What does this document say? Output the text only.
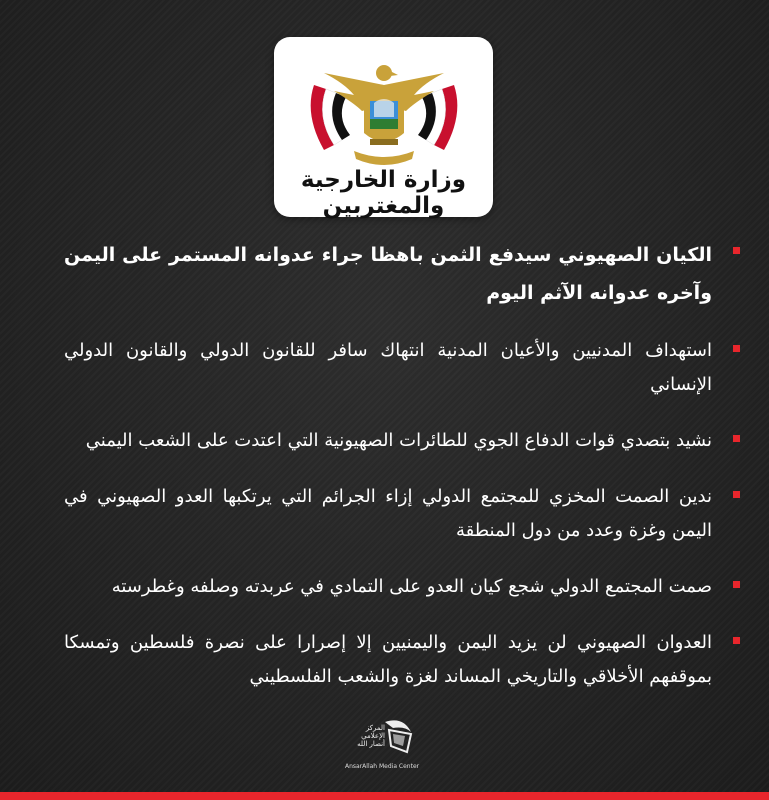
وزارة الخارجية والمغتربين
الكيان الصهيوني سيدفع الثمن باهظا جراء عدوانه المستمر على اليمن وآخره عدوانه الآثم اليوم
استهداف المدنيين والأعيان المدنية انتهاك سافر للقانون الدولي والقانون الدولي الإنساني
نشيد بتصدي قوات الدفاع الجوي للطائرات الصهيونية التي اعتدت على الشعب اليمني
ندين الصمت المخزي للمجتمع الدولي إزاء الجرائم التي يرتكبها العدو الصهيوني في اليمن وغزة وعدد من دول المنطقة
صمت المجتمع الدولي شجع كيان العدو على التمادي في عربدته وصلفه وغطرسته
العدوان الصهيوني لن يزيد اليمن واليمنيين إلا إصرارا على نصرة فلسطين وتمسكا بموقفهم الأخلاقي والتاريخي المساند لغزة والشعب الفلسطيني
المركز الإعلامي أنصار الله
AnsarAllah Media Center
